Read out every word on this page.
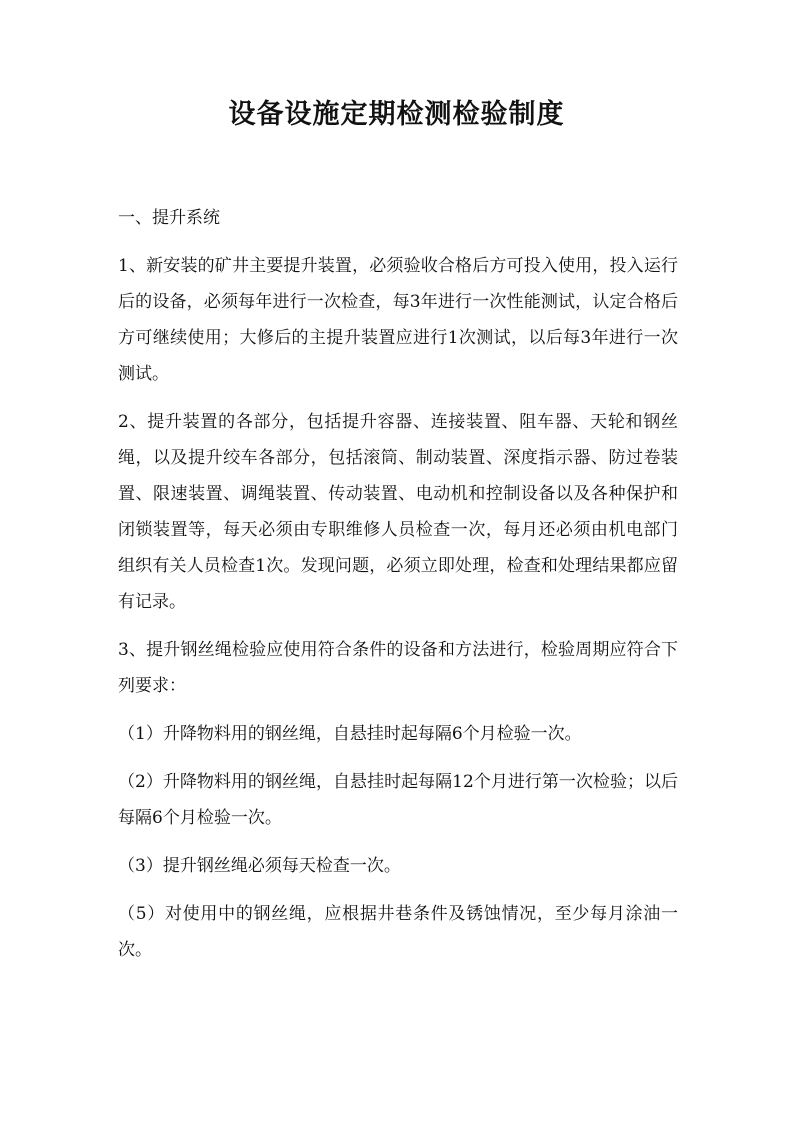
设备设施定期检测检验制度

一、提升系统

1、新安装的矿井主要提升装置，必须验收合格后方可投入使用，投入运行后的设备，必须每年进行一次检查，每3年进行一次性能测试，认定合格后方可继续使用；大修后的主提升装置应进行1次测试，以后每3年进行一次测试。

2、提升装置的各部分，包括提升容器、连接装置、阻车器、天轮和钢丝绳，以及提升绞车各部分，包括滚筒、制动装置、深度指示器、防过卷装置、限速装置、调绳装置、传动装置、电动机和控制设备以及各种保护和闭锁装置等，每天必须由专职维修人员检查一次，每月还必须由机电部门组织有关人员检查1次。发现问题，必须立即处理，检查和处理结果都应留有记录。

3、提升钢丝绳检验应使用符合条件的设备和方法进行，检验周期应符合下列要求：

（1）升降物料用的钢丝绳，自悬挂时起每隔6个月检验一次。

（2）升降物料用的钢丝绳，自悬挂时起每隔12个月进行第一次检验；以后每隔6个月检验一次。

（3）提升钢丝绳必须每天检查一次。

（5）对使用中的钢丝绳，应根据井巷条件及锈蚀情况，至少每月涂油一次。
